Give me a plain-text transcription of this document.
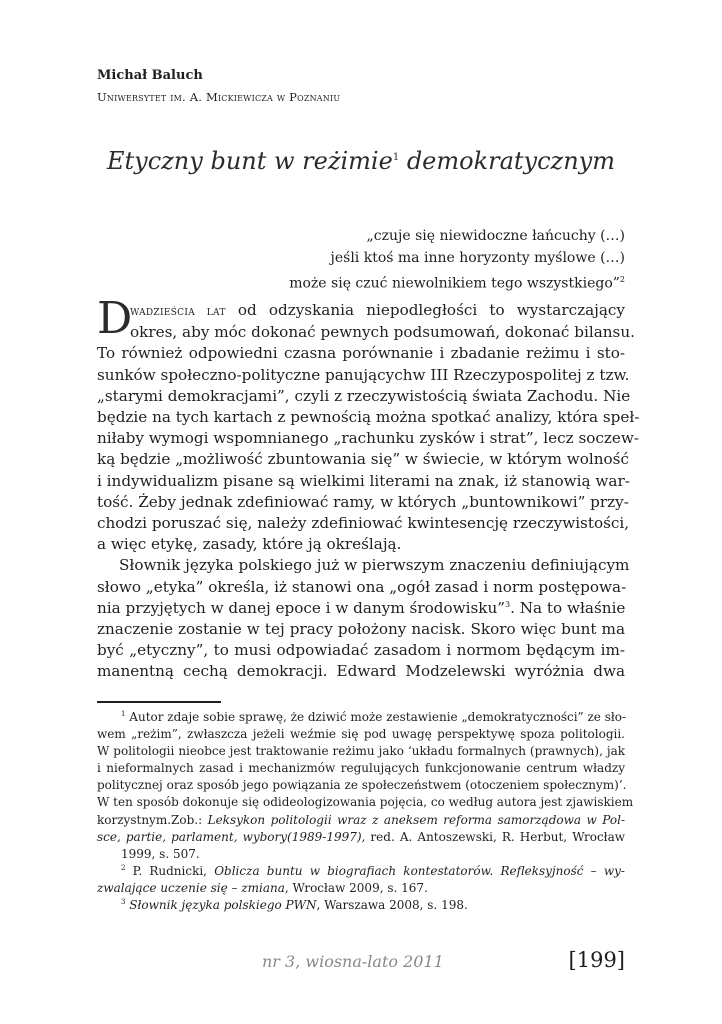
Michał Baluch
Uniwersytet im. A. Mickiewicza w Poznaniu
Etyczny bunt w reżimie$^1$ demokratycznym
„czuje się niewidoczne łańcuchy (…)
jeśli ktoś ma inne horyzonty myślowe (…)
może się czuć niewolnikiem tego wszystkiego”$^2$
D
wadzieścia lat od odzyskania niepodległości to wystarczający
okres, aby móc dokonać pewnych podsumowań, dokonać bilansu.
To również odpowiedni czasna porównanie i zbadanie reżimu i sto-
sunków społeczno-polityczne panującychw III Rzeczypospolitej z tzw.
„starymi demokracjami”, czyli z rzeczywistością świata Zachodu. Nie
będzie na tych kartach z pewnością można spotkać analizy, która speł-
niłaby wymogi wspomnianego „rachunku zysków i strat”, lecz soczew-
ką będzie „możliwość zbuntowania się” w świecie, w którym wolność
i indywidualizm pisane są wielkimi literami na znak, iż stanowią war-
tość. Żeby jednak zdefiniować ramy, w których „buntownikowi” przy-
chodzi poruszać się, należy zdefiniować kwintesencję rzeczywistości,
a więc etykę, zasady, które ją określają.
Słownik języka polskiego już w pierwszym znaczeniu definiującym
słowo „etyka” określa, iż stanowi ona „ogół zasad i norm postępowa-
nia przyjętych w danej epoce i w danym środowisku”$^3$. Na to właśnie
znaczenie zostanie w tej pracy położony nacisk. Skoro więc bunt ma
być „etyczny”, to musi odpowiadać zasadom i normom będącym im-
manentną cechą demokracji. Edward Modzelewski wyróżnia dwa
$^1$ Autor zdaje sobie sprawę, że dziwić może zestawienie „demokratyczności” ze sło-
wem „reżim”, zwłaszcza jeżeli weźmie się pod uwagę perspektywę spoza politologii.
W politologii nieobce jest traktowanie reżimu jako ‘układu formalnych (prawnych), jak
i nieformalnych zasad i mechanizmów regulujących funkcjonowanie centrum władzy
politycznej oraz sposób jego powiązania ze społeczeństwem (otoczeniem społecznym)’.
W ten sposób dokonuje się odideologizowania pojęcia, co według autora jest zjawiskiem
korzystnym.Zob.: Leksykon politologii wraz z aneksem reforma samorządowa w Pol-
sce, partie, parlament, wybory(1989-1997), red. A. Antoszewski, R. Herbut, Wrocław
1999, s. 507.
$^2$ P. Rudnicki, Oblicza buntu w biografiach kontestatorów. Refleksyjność – wy-
zwalające uczenie się – zmiana, Wrocław 2009, s. 167.
$^3$ Słownik języka polskiego PWN, Warszawa 2008, s. 198.
nr 3, wiosna-lato 2011	[199]
